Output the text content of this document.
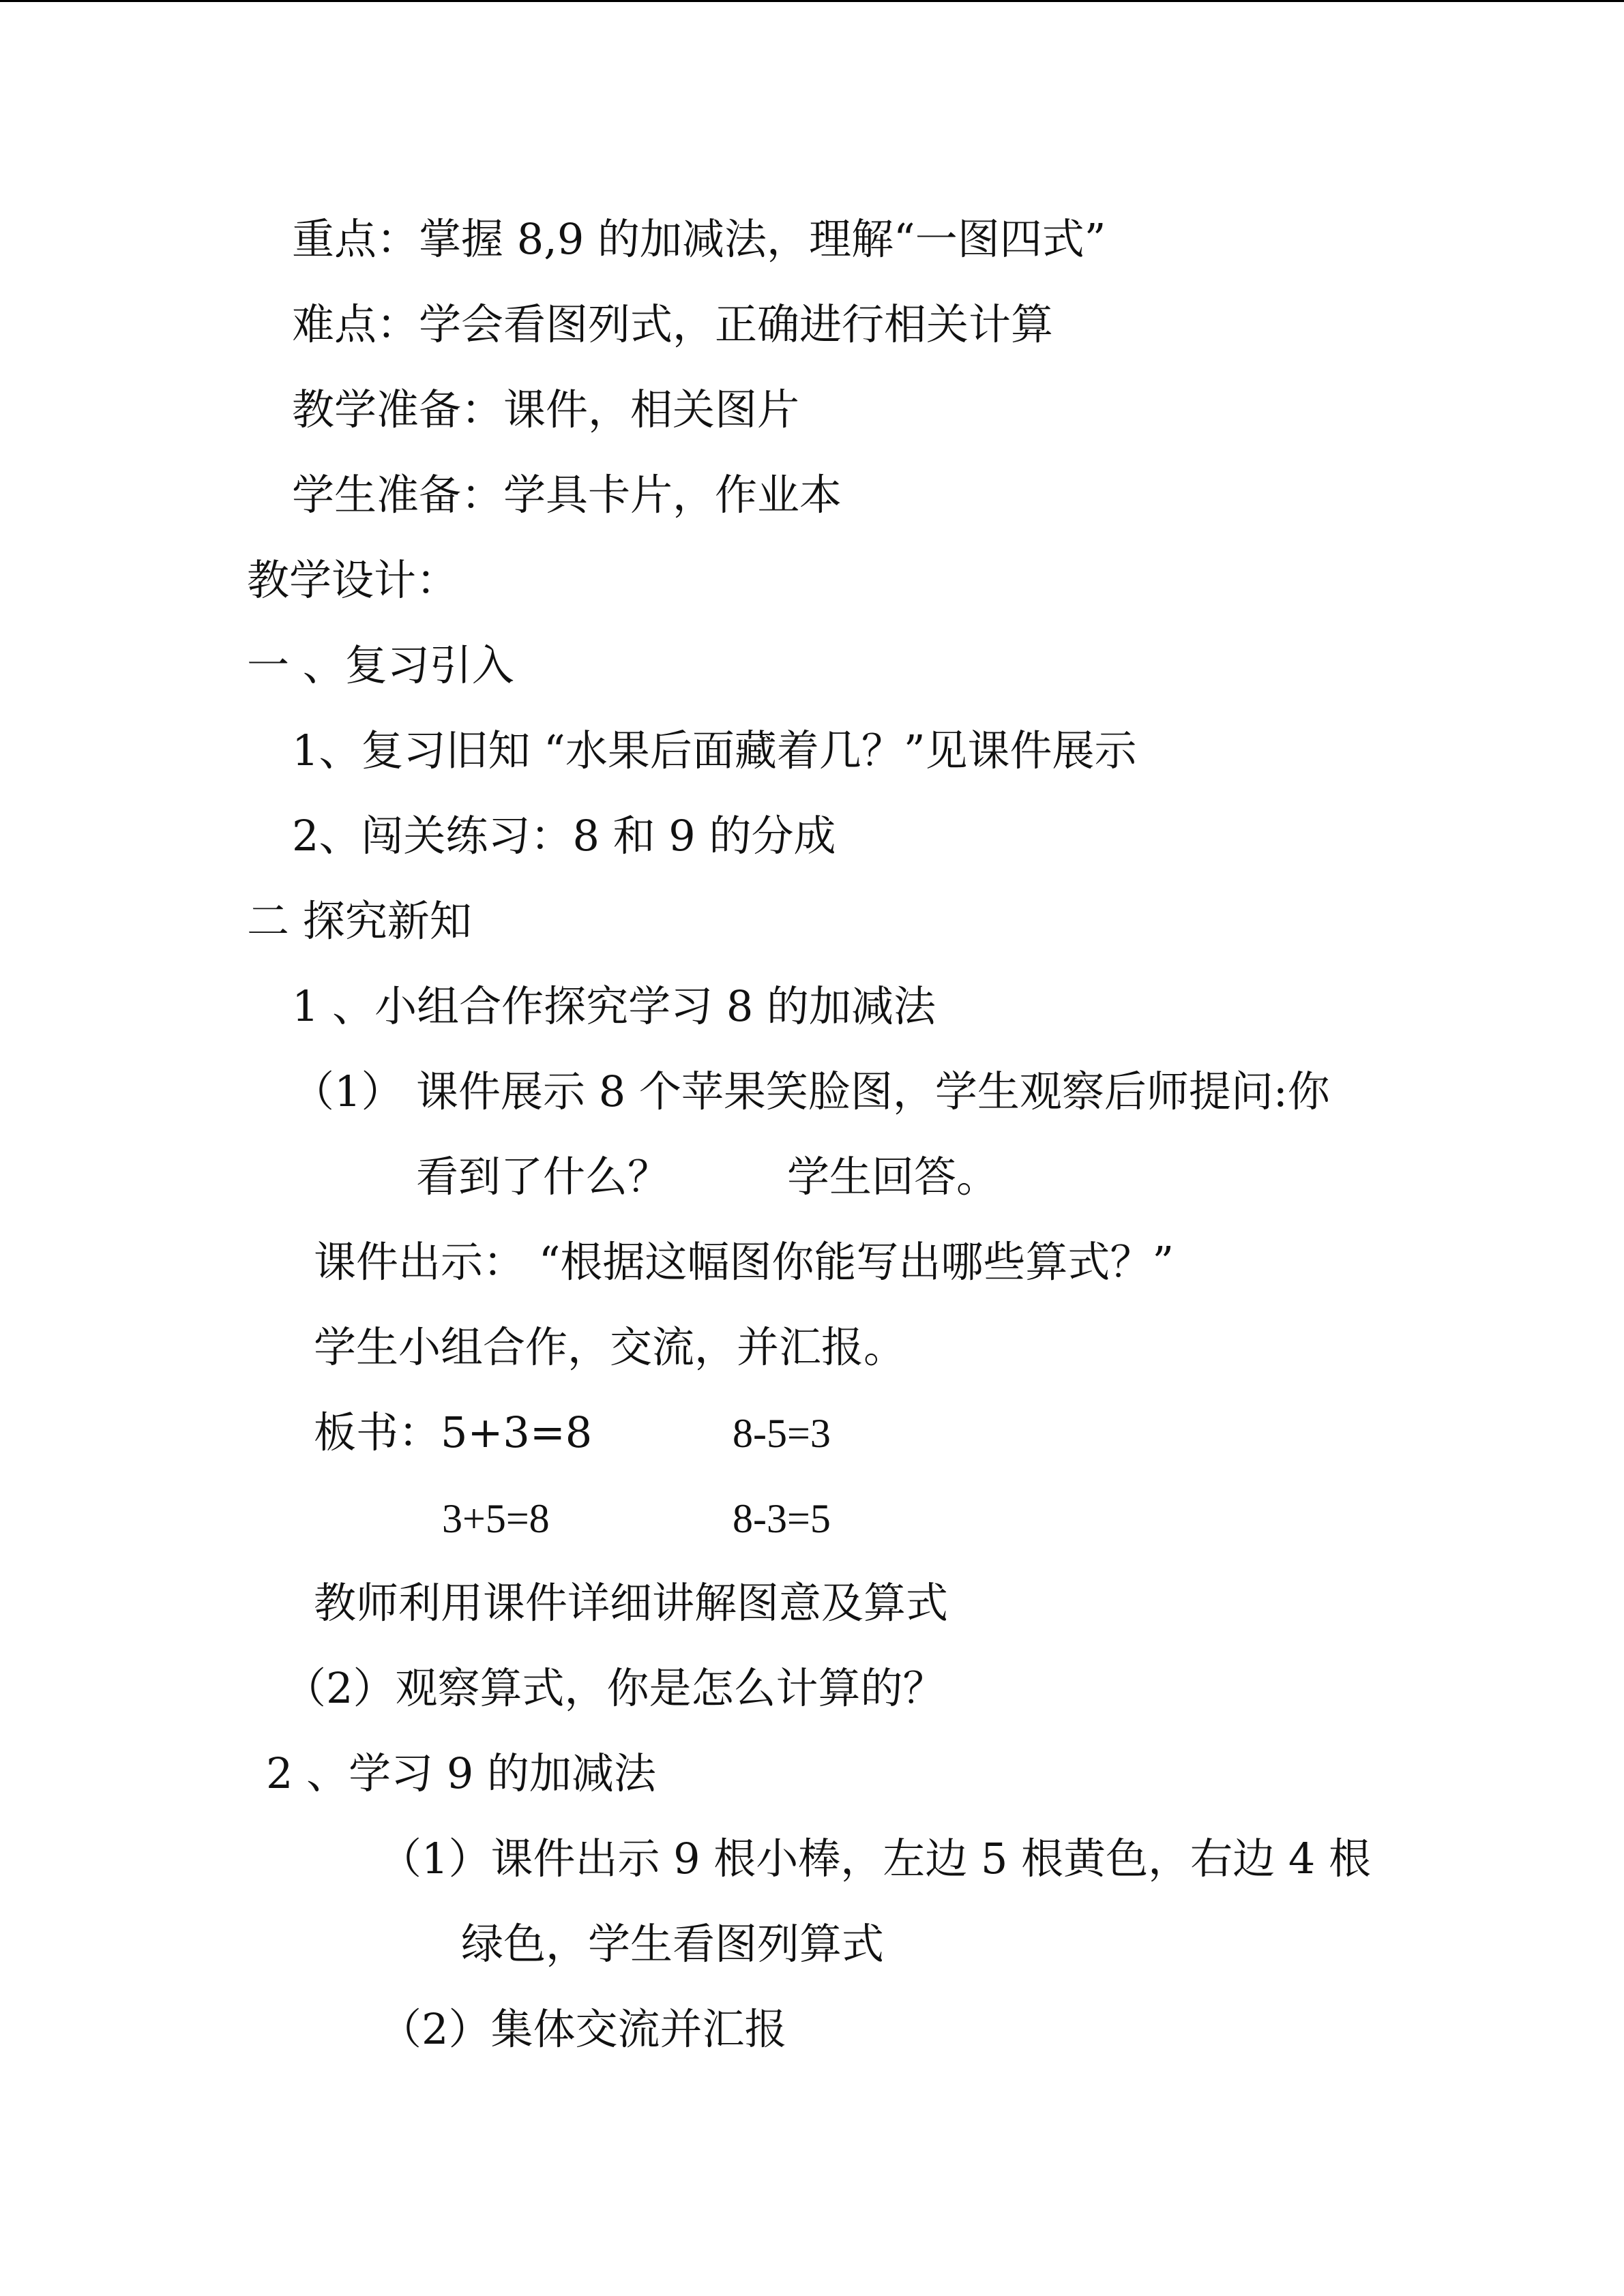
重点：掌握 8,9 的加减法，理解“一图四式”
难点：学会看图列式，正确进行相关计算
教学准备：课件，相关图片
学生准备：学具卡片，作业本
教学设计：
一 、复习引入
1、复习旧知 “水果后面藏着几？”见课件展示
2、闯关练习：8 和 9 的分成
二 探究新知
1 、小组合作探究学习 8 的加减法
（1） 课件展示 8 个苹果笑脸图，学生观察后师提问:你
看到了什么？	学生回答。
课件出示： “根据这幅图你能写出哪些算式？”
学生小组合作，交流，并汇报。
板书：5+3=8	8-5=3
3+5=8	8-3=5
教师利用课件详细讲解图意及算式
（2）观察算式，你是怎么计算的？
2 、学习 9 的加减法
（1）课件出示 9 根小棒，左边 5 根黄色，右边 4 根
绿色，学生看图列算式
（2）集体交流并汇报
